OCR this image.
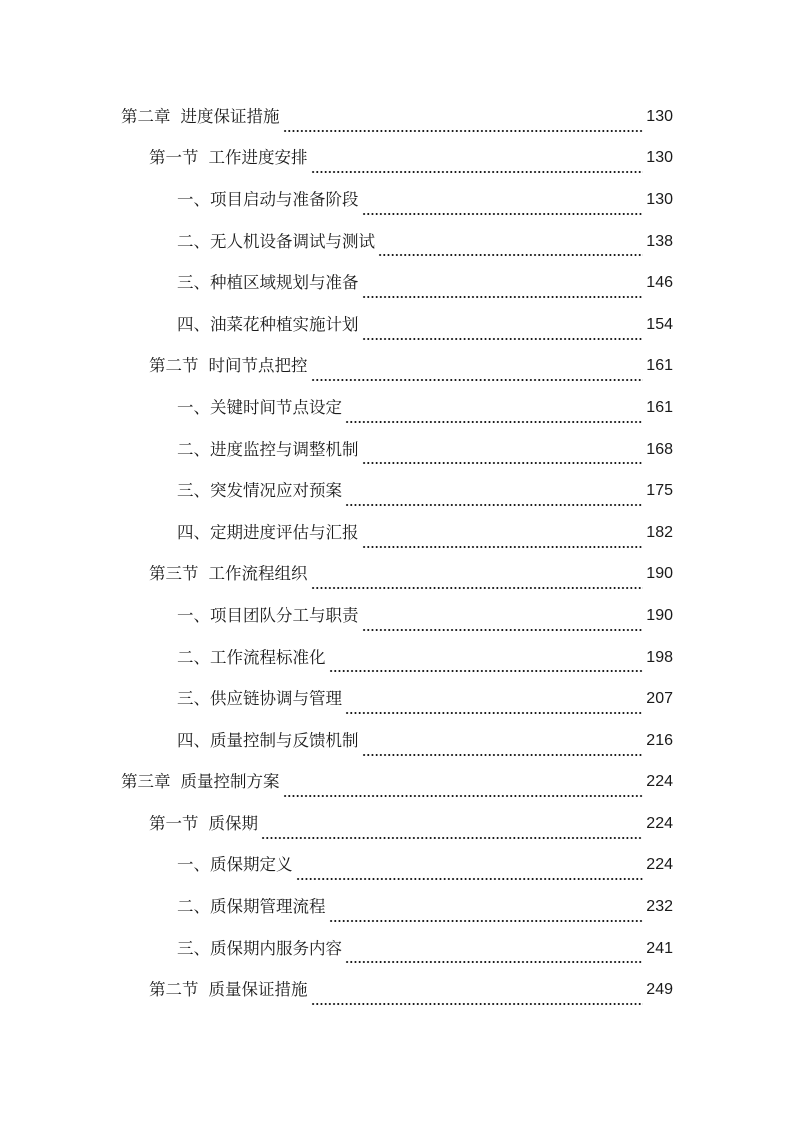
第二章 进度保证措施	130
第一节 工作进度安排	130
一、项目启动与准备阶段	130
二、无人机设备调试与测试	138
三、种植区域规划与准备	146
四、油菜花种植实施计划	154
第二节 时间节点把控	161
一、关键时间节点设定	161
二、进度监控与调整机制	168
三、突发情况应对预案	175
四、定期进度评估与汇报	182
第三节 工作流程组织	190
一、项目团队分工与职责	190
二、工作流程标准化	198
三、供应链协调与管理	207
四、质量控制与反馈机制	216
第三章 质量控制方案	224
第一节 质保期	224
一、质保期定义	224
二、质保期管理流程	232
三、质保期内服务内容	241
第二节 质量保证措施	249
